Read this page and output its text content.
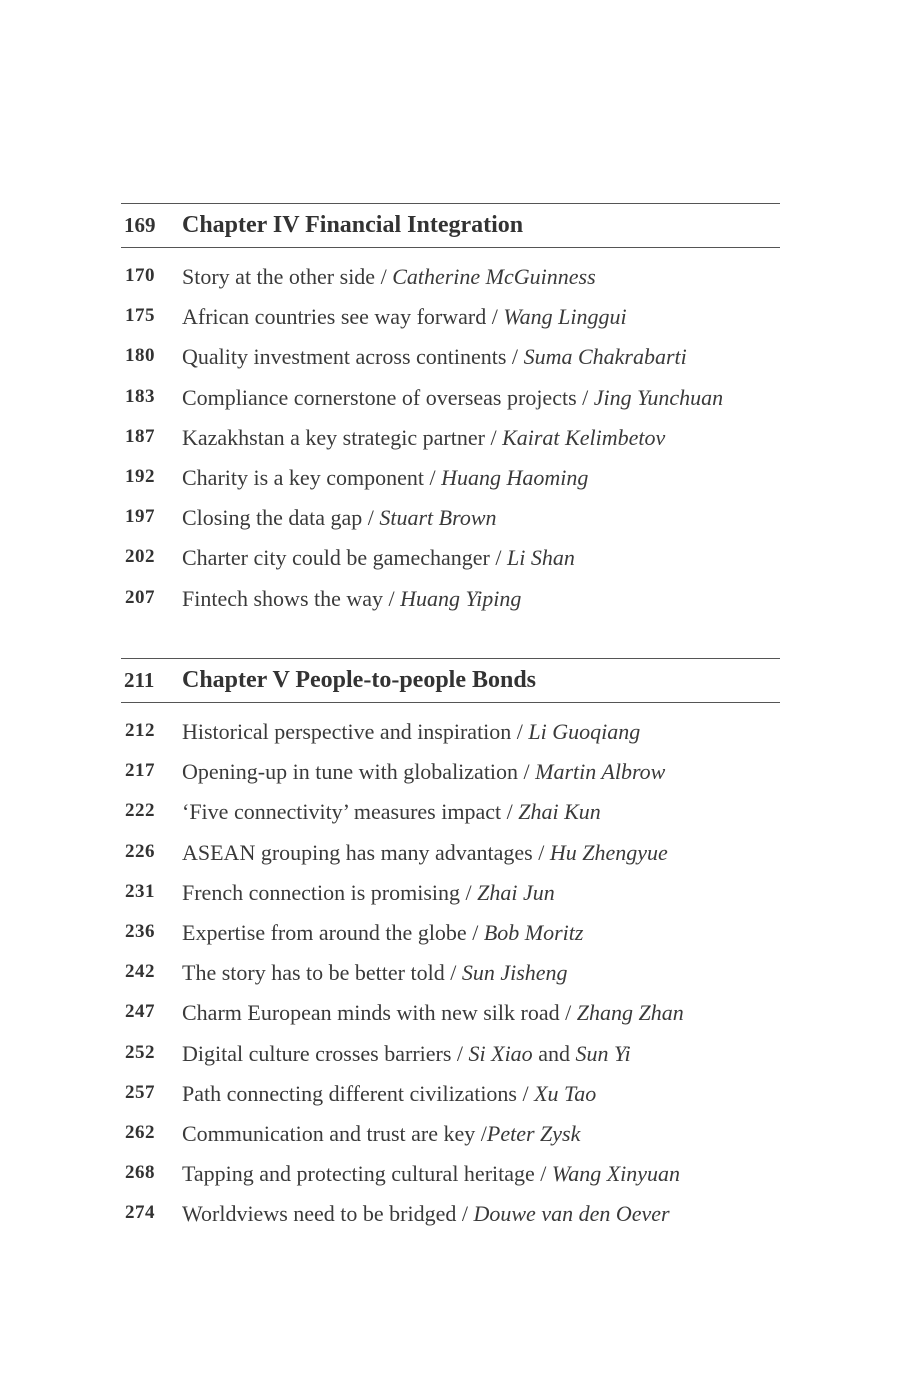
169 Chapter IV Financial Integration
170 Story at the other side / Catherine McGuinness
175 African countries see way forward / Wang Linggui
180 Quality investment across continents / Suma Chakrabarti
183 Compliance cornerstone of overseas projects / Jing Yunchuan
187 Kazakhstan a key strategic partner / Kairat Kelimbetov
192 Charity is a key component / Huang Haoming
197 Closing the data gap / Stuart Brown
202 Charter city could be gamechanger / Li Shan
207 Fintech shows the way / Huang Yiping
211 Chapter V People-to-people Bonds
212 Historical perspective and inspiration / Li Guoqiang
217 Opening-up in tune with globalization / Martin Albrow
222 ‘Five connectivity’ measures impact / Zhai Kun
226 ASEAN grouping has many advantages / Hu Zhengyue
231 French connection is promising / Zhai Jun
236 Expertise from around the globe / Bob Moritz
242 The story has to be better told / Sun Jisheng
247 Charm European minds with new silk road / Zhang Zhan
252 Digital culture crosses barriers / Si Xiao and Sun Yi
257 Path connecting different civilizations / Xu Tao
262 Communication and trust are key /Peter Zysk
268 Tapping and protecting cultural heritage / Wang Xinyuan
274 Worldviews need to be bridged / Douwe van den Oever
